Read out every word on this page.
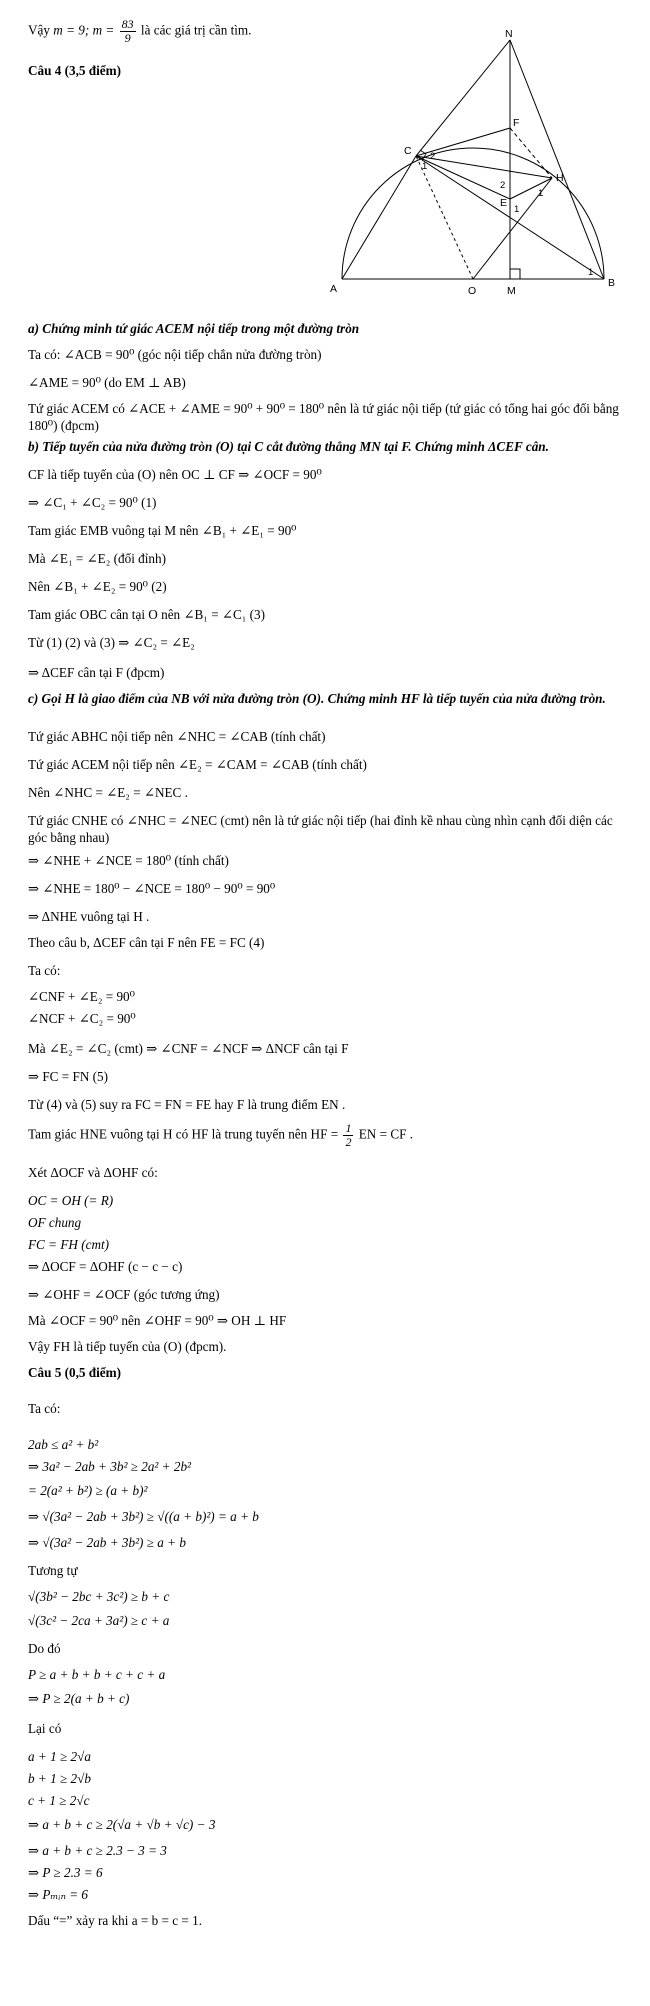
Vậy m = 9; $m = \frac{83}{9}$ là các giá trị cần tìm.
Câu 4 (3,5 điểm)
N
F
C
H
E
A	O	M
B
1
2
2
1
1
1
a) Chứng minh tứ giác ACEM nội tiếp trong một đường tròn
Ta có: ∠ACB = 90⁰ (góc nội tiếp chắn nửa đường tròn)
∠AME = 90⁰ (do EM ⊥ AB)
Tứ giác ACEM có ∠ACE + ∠AME = 90⁰ + 90⁰ = 180⁰ nên là tứ giác nội tiếp (tứ giác có tổng hai góc đối bằng 180⁰) (đpcm)
b) Tiếp tuyến của nửa đường tròn (O) tại C cắt đường thẳng MN tại F. Chứng minh ΔCEF cân.
CF là tiếp tuyến của (O) nên OC ⊥ CF ⇒ ∠OCF = 90⁰
⇒ ∠C₁ + ∠C₂ = 90⁰ (1)
Tam giác EMB vuông tại M nên ∠B₁ + ∠E₁ = 90⁰
Mà ∠E₁ = ∠E₂ (đối đỉnh)
Nên ∠B₁ + ∠E₂ = 90⁰ (2)
Tam giác OBC cân tại O nên ∠B₁ = ∠C₁ (3)
Từ (1) (2) và (3) ⇒ ∠C₂ = ∠E₂
⇒ ΔCEF cân tại F (đpcm)
c) Gọi H là giao điểm của NB với nửa đường tròn (O). Chứng minh HF là tiếp tuyến của nửa đường tròn.
Tứ giác ABHC nội tiếp nên ∠NHC = ∠CAB (tính chất)
Tứ giác ACEM nội tiếp nên ∠E₂ = ∠CAM = ∠CAB (tính chất)
Nên ∠NHC = ∠E₂ = ∠NEC .
Tứ giác CNHE có ∠NHC = ∠NEC (cmt) nên là tứ giác nội tiếp (hai đỉnh kề nhau cùng nhìn cạnh đối diện các góc bằng nhau)
⇒ ∠NHE + ∠NCE = 180⁰ (tính chất)
⇒ ∠NHE = 180⁰ − ∠NCE = 180⁰ − 90⁰ = 90⁰
⇒ ΔNHE vuông tại H .
Theo câu b, ΔCEF cân tại F nên FE = FC (4)
Ta có:
∠CNF + ∠E₂ = 90⁰
∠NCF + ∠C₂ = 90⁰
Mà ∠E₂ = ∠C₂ (cmt) ⇒ ∠CNF = ∠NCF ⇒ ΔNCF cân tại F
⇒ FC = FN (5)
Từ (4) và (5) suy ra FC = FN = FE hay F là trung điểm EN .
Tam giác HNE vuông tại H có HF là trung tuyến nên HF = $\frac{1}{2}$ EN = CF .
Xét ΔOCF và ΔOHF có:
OC = OH (= R)
OF chung
FC = FH (cmt)
⇒ ΔOCF = ΔOHF (c − c − c)
⇒ ∠OHF = ∠OCF (góc tương ứng)
Mà ∠OCF = 90⁰ nên ∠OHF = 90⁰ ⇒ OH ⊥ HF
Vậy FH là tiếp tuyến của (O) (đpcm).
Câu 5 (0,5 điểm)
Ta có:
2ab ≤ a² + b²
⇒ 3a² − 2ab + 3b² ≥ 2a² + 2b²
= 2(a² + b²) ≥ (a + b)²
⇒ √(3a² − 2ab + 3b²) ≥ √((a + b)²) = a + b
⇒ √(3a² − 2ab + 3b²) ≥ a + b
Tương tự
√(3b² − 2bc + 3c²) ≥ b + c
√(3c² − 2ca + 3a²) ≥ c + a
Do đó
P ≥ a + b + b + c + c + a
⇒ P ≥ 2(a + b + c)
Lại có
a + 1 ≥ 2√a
b + 1 ≥ 2√b
c + 1 ≥ 2√c
⇒ a + b + c ≥ 2(√a + √b + √c) − 3
⇒ a + b + c ≥ 2.3 − 3 = 3
⇒ P ≥ 2.3 = 6
⇒ Pₘᵢₙ = 6
Dấu “=” xảy ra khi a = b = c = 1.
